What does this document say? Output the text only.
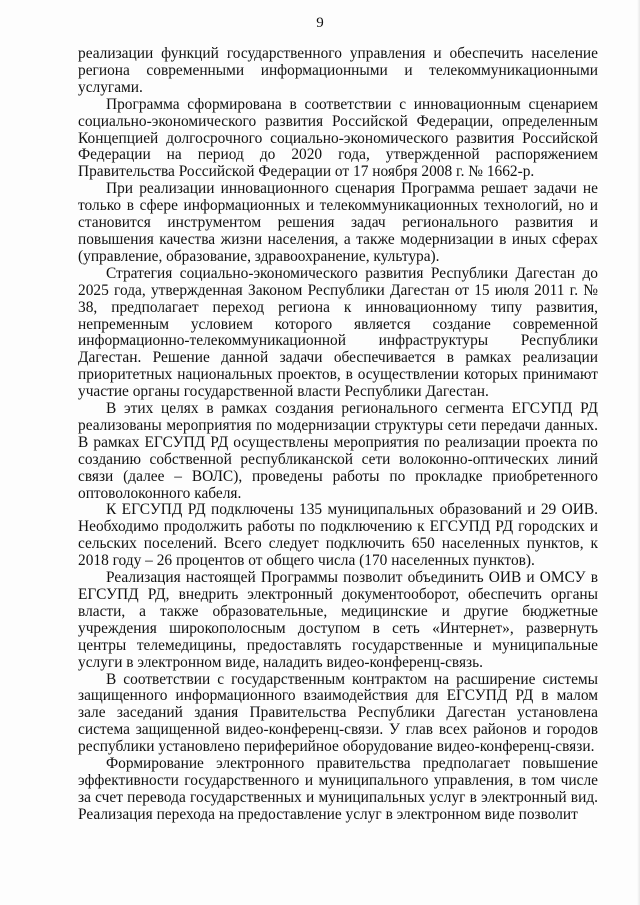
9

реализации функций государственного управления и обеспечить население региона современными информационными и телекоммуникационными услугами.

Программа сформирована в соответствии с инновационным сценарием социально-экономического развития Российской Федерации, определенным Концепцией долгосрочного социально-экономического развития Российской Федерации на период до 2020 года, утвержденной распоряжением Правительства Российской Федерации от 17 ноября 2008 г. № 1662-р.

При реализации инновационного сценария Программа решает задачи не только в сфере информационных и телекоммуникационных технологий, но и становится инструментом решения задач регионального развития и повышения качества жизни населения, а также модернизации в иных сферах (управление, образование, здравоохранение, культура).

Стратегия социально-экономического развития Республики Дагестан до 2025 года, утвержденная Законом Республики Дагестан от 15 июля 2011 г. № 38, предполагает переход региона к инновационному типу развития, непременным условием которого является создание современной информационно-телекоммуникационной инфраструктуры Республики Дагестан. Решение данной задачи обеспечивается в рамках реализации приоритетных национальных проектов, в осуществлении которых принимают участие органы государственной власти Республики Дагестан.

В этих целях в рамках создания регионального сегмента ЕГСУПД РД реализованы мероприятия по модернизации структуры сети передачи данных. В рамках ЕГСУПД РД осуществлены мероприятия по реализации проекта по созданию собственной республиканской сети волоконно-оптических линий связи (далее – ВОЛС), проведены работы по прокладке приобретенного оптоволоконного кабеля.

К ЕГСУПД РД подключены 135 муниципальных образований и 29 ОИВ. Необходимо продолжить работы по подключению к ЕГСУПД РД городских и сельских поселений. Всего следует подключить 650 населенных пунктов, к 2018 году – 26 процентов от общего числа (170 населенных пунктов).

Реализация настоящей Программы позволит объединить ОИВ и ОМСУ в ЕГСУПД РД, внедрить электронный документооборот, обеспечить органы власти, а также образовательные, медицинские и другие бюджетные учреждения широкополосным доступом в сеть «Интернет», развернуть центры телемедицины, предоставлять государственные и муниципальные услуги в электронном виде, наладить видео-конференц-связь.

В соответствии с государственным контрактом на расширение системы защищенного информационного взаимодействия для ЕГСУПД РД в малом зале заседаний здания Правительства Республики Дагестан установлена система защищенной видео-конференц-связи. У глав всех районов и городов республики установлено периферийное оборудование видео-конференц-связи.

Формирование электронного правительства предполагает повышение эффективности государственного и муниципального управления, в том числе за счет перевода государственных и муниципальных услуг в электронный вид. Реализация перехода на предоставление услуг в электронном виде позволит
